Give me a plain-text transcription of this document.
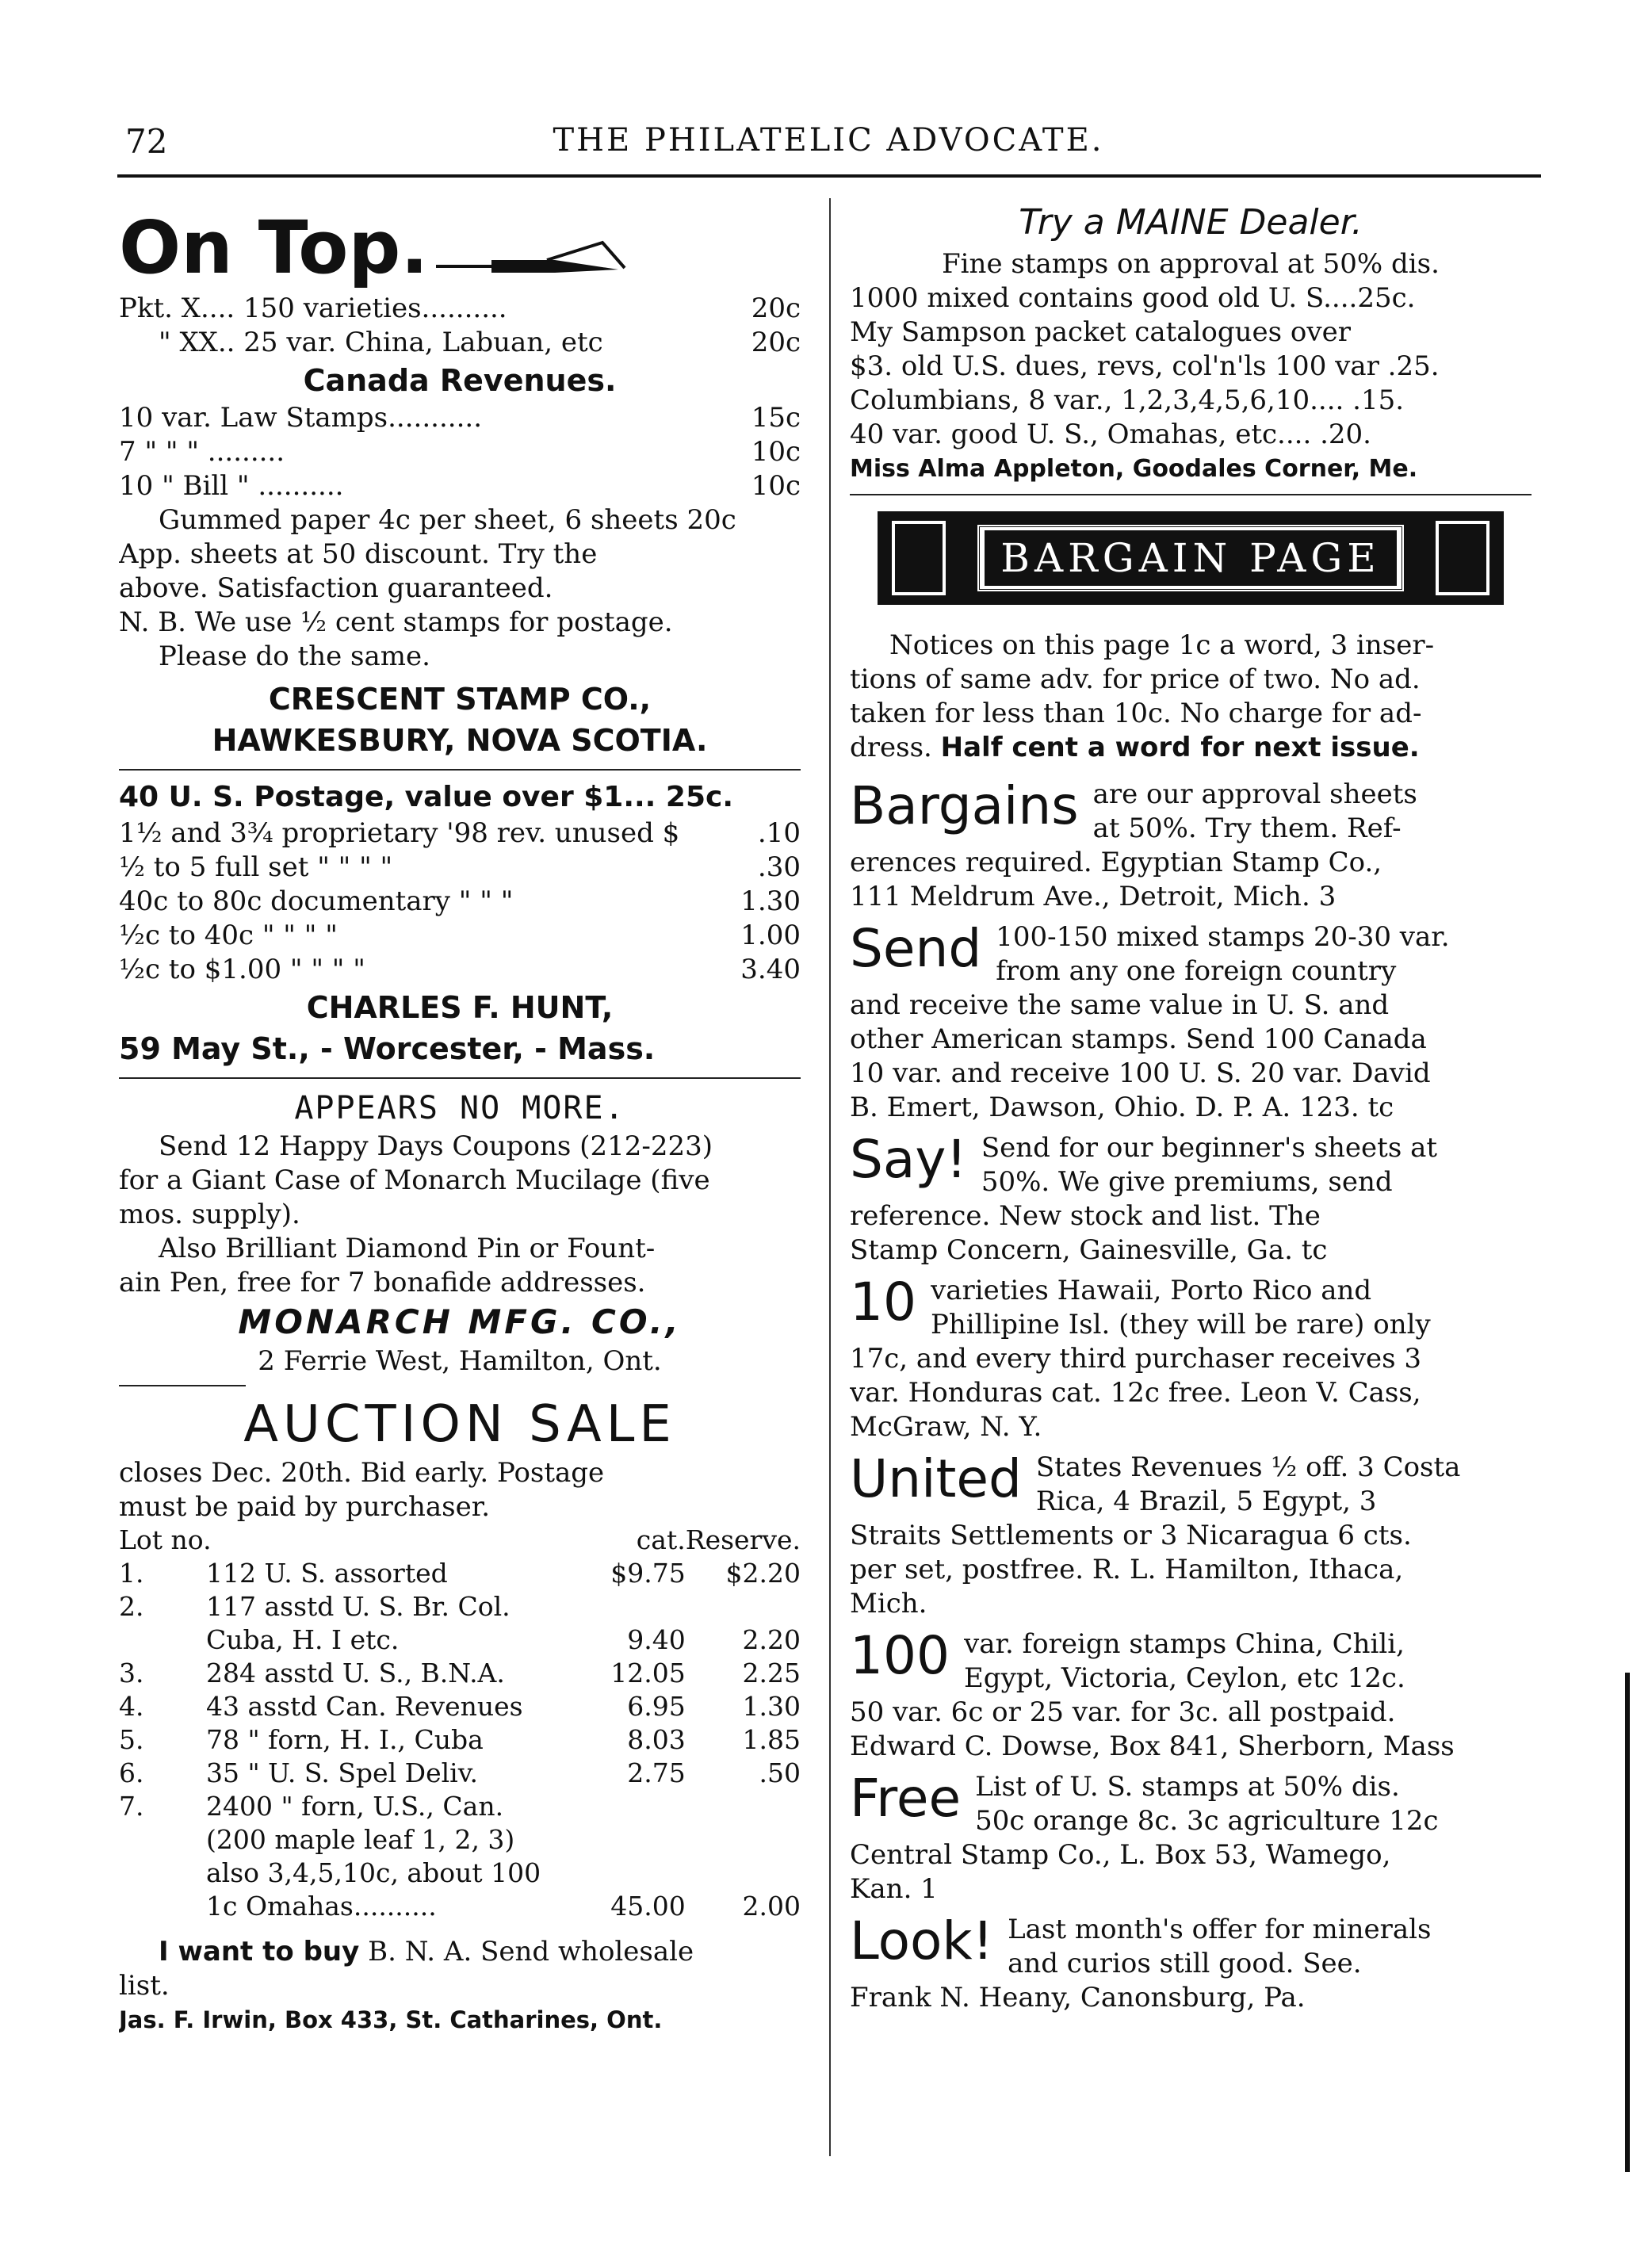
72	THE PHILATELIC ADVOCATE.
On Top.
Pkt. X.... 150 varieties..........	20c
" XX.. 25 var. China, Labuan, etc	20c
Canada Revenues.
10 var. Law Stamps...........	15c
7 " " " .........	10c
10 " Bill " ..........	10c
Gummed paper 4c per sheet, 6 sheets 20c
App. sheets at 50 discount. Try the
above. Satisfaction guaranteed.
N. B. We use ½ cent stamps for postage.
Please do the same.
CRESCENT STAMP CO.,
HAWKESBURY, NOVA SCOTIA.
40 U. S. Postage, value over $1... 25c.
1½ and 3¾ proprietary '98 rev. unused $	.10
½ to 5 full set " " " "	.30
40c to 80c documentary " " "	1.30
½c to 40c " " " "	1.00
½c to $1.00 " " " "	3.40
CHARLES F. HUNT,
59 May St., - Worcester, - Mass.
APPEARS NO MORE.
Send 12 Happy Days Coupons (212-223)
for a Giant Case of Monarch Mucilage (five
mos. supply).
Also Brilliant Diamond Pin or Fount-
ain Pen, free for 7 bonafide addresses.
MONARCH MFG. CO.,
2 Ferrie West, Hamilton, Ont.
AUCTION SALE
closes Dec. 20th. Bid early. Postage
must be paid by purchaser.
Lot no.		cat.	Reserve.
1.	112 U. S. assorted	$9.75	$2.20
2.	117 asstd U. S. Br. Col.		
	Cuba, H. I etc.	9.40	2.20
3.	284 asstd U. S., B.N.A.	12.05	2.25
4.	43 asstd Can. Revenues	6.95	1.30
5.	78 " forn, H. I., Cuba	8.03	1.85
6.	35 " U. S. Spel Deliv.	2.75	.50
7.	2400 " forn, U.S., Can.		
	(200 maple leaf 1, 2, 3)		
	also 3,4,5,10c, about 100		
	1c Omahas..........	45.00	2.00
I want to buy B. N. A. Send wholesale
list.
Jas. F. Irwin, Box 433, St. Catharines, Ont.
Try a MAINE Dealer.
Fine stamps on approval at 50% dis.
1000 mixed contains good old U. S....25c.
My Sampson packet catalogues over
$3. old U.S. dues, revs, col'n'ls 100 var .25.
Columbians, 8 var., 1,2,3,4,5,6,10.... .15.
40 var. good U. S., Omahas, etc.... .20.
Miss Alma Appleton, Goodales Corner, Me.
BARGAIN PAGE
Notices on this page 1c a word, 3 inser-
tions of same adv. for price of two. No ad.
taken for less than 10c. No charge for ad-
dress. Half cent a word for next issue.
Bargains are our approval sheets
at 50%. Try them. Ref-
erences required. Egyptian Stamp Co.,
111 Meldrum Ave., Detroit, Mich. 3
Send 100-150 mixed stamps 20-30 var.
from any one foreign country
and receive the same value in U. S. and
other American stamps. Send 100 Canada
10 var. and receive 100 U. S. 20 var. David
B. Emert, Dawson, Ohio. D. P. A. 123. tc
Say! Send for our beginner's sheets at
50%. We give premiums, send
reference. New stock and list. The
Stamp Concern, Gainesville, Ga. tc
10 varieties Hawaii, Porto Rico and
Phillipine Isl. (they will be rare) only
17c, and every third purchaser receives 3
var. Honduras cat. 12c free. Leon V. Cass,
McGraw, N. Y.
United States Revenues ½ off. 3 Costa
Rica, 4 Brazil, 5 Egypt, 3
Straits Settlements or 3 Nicaragua 6 cts.
per set, postfree. R. L. Hamilton, Ithaca,
Mich.
100 var. foreign stamps China, Chili,
Egypt, Victoria, Ceylon, etc 12c.
50 var. 6c or 25 var. for 3c. all postpaid.
Edward C. Dowse, Box 841, Sherborn, Mass
Free List of U. S. stamps at 50% dis.
50c orange 8c. 3c agriculture 12c
Central Stamp Co., L. Box 53, Wamego,
Kan. 1
Look! Last month's offer for minerals
and curios still good. See.
Frank N. Heany, Canonsburg, Pa.
